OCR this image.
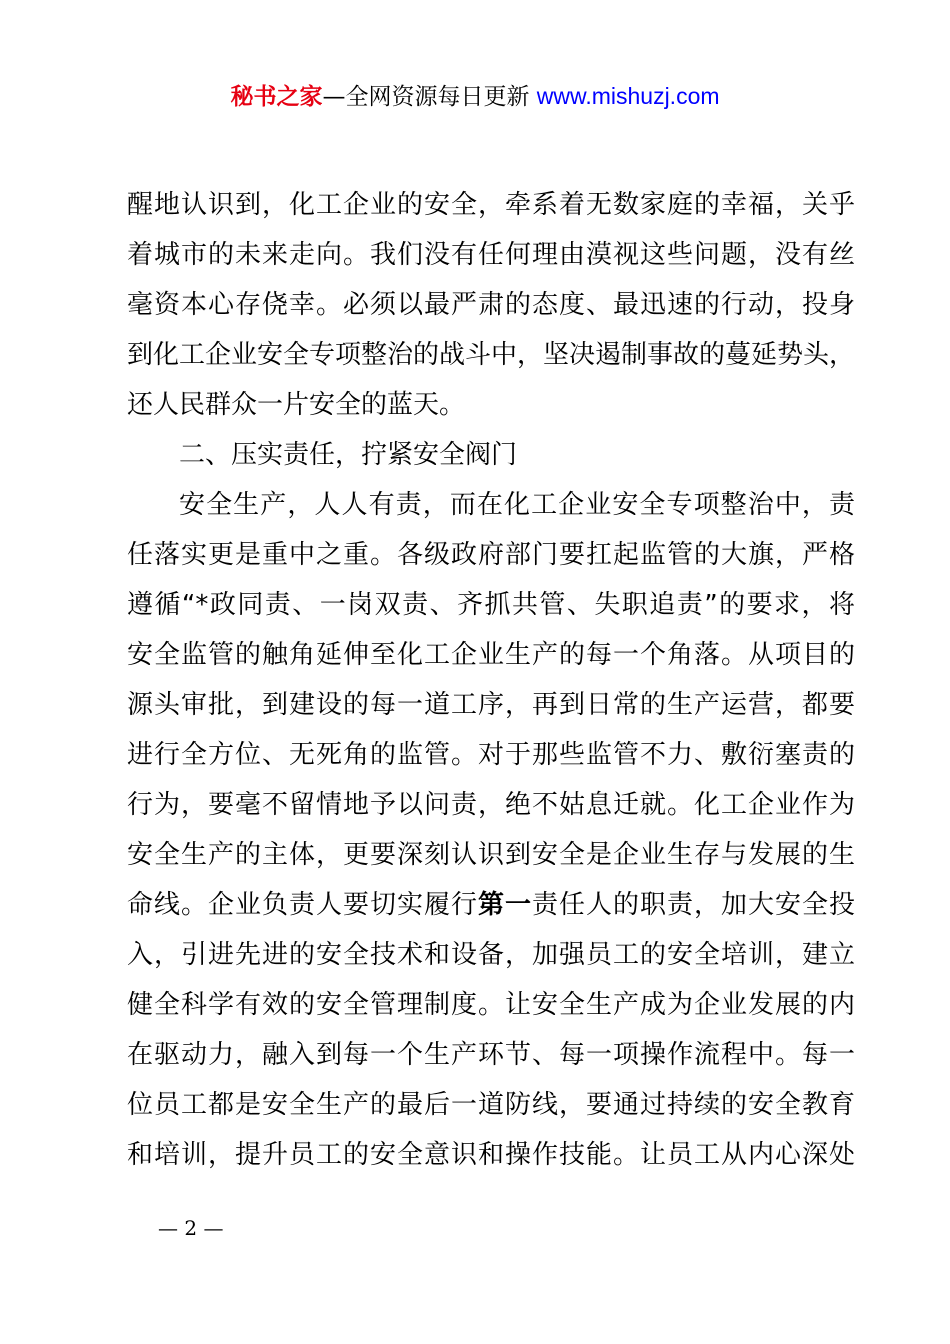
秘书之家—全网资源每日更新 www.mishuzj.com
醒地认识到，化工企业的安全，牵系着无数家庭的幸福，关乎
着城市的未来走向。我们没有任何理由漠视这些问题，没有丝
毫资本心存侥幸。必须以最严肃的态度、最迅速的行动，投身
到化工企业安全专项整治的战斗中，坚决遏制事故的蔓延势头，
还人民群众一片安全的蓝天。
二、压实责任，拧紧安全阀门
安全生产，人人有责，而在化工企业安全专项整治中，责
任落实更是重中之重。各级政府部门要扛起监管的大旗，严格
遵循“*政同责、一岗双责、齐抓共管、失职追责”的要求，将
安全监管的触角延伸至化工企业生产的每一个角落。从项目的
源头审批，到建设的每一道工序，再到日常的生产运营，都要
进行全方位、无死角的监管。对于那些监管不力、敷衍塞责的
行为，要毫不留情地予以问责，绝不姑息迁就。化工企业作为
安全生产的主体，更要深刻认识到安全是企业生存与发展的生
命线。企业负责人要切实履行第一责任人的职责，加大安全投
入，引进先进的安全技术和设备，加强员工的安全培训，建立
健全科学有效的安全管理制度。让安全生产成为企业发展的内
在驱动力，融入到每一个生产环节、每一项操作流程中。每一
位员工都是安全生产的最后一道防线，要通过持续的安全教育
和培训，提升员工的安全意识和操作技能。让员工从内心深处
— 2 —
